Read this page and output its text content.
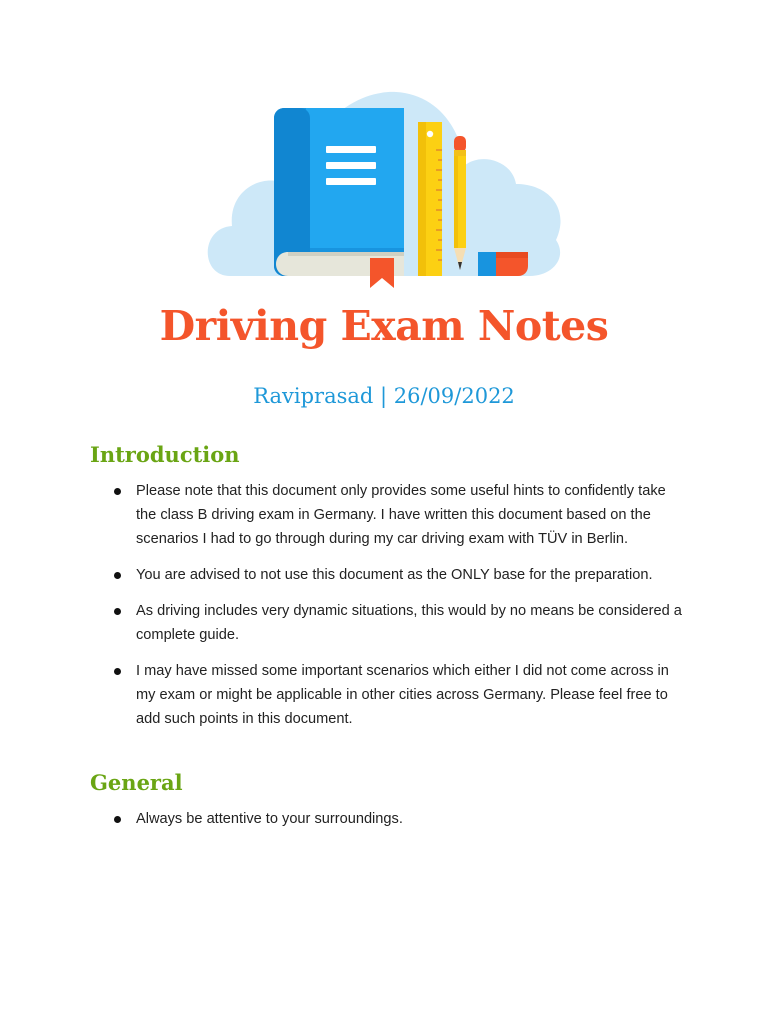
Driving Exam Notes

Raviprasad | 26/09/2022

Introduction
Please note that this document only provides some useful hints to confidently take the class B driving exam in Germany. I have written this document based on the scenarios I had to go through during my car driving exam with TÜV in Berlin.
You are advised to not use this document as the ONLY base for the preparation.
As driving includes very dynamic situations, this would by no means be considered a complete guide.
I may have missed some important scenarios which either I did not come across in my exam or might be applicable in other cities across Germany. Please feel free to add such points in this document.
General
Always be attentive to your surroundings.
